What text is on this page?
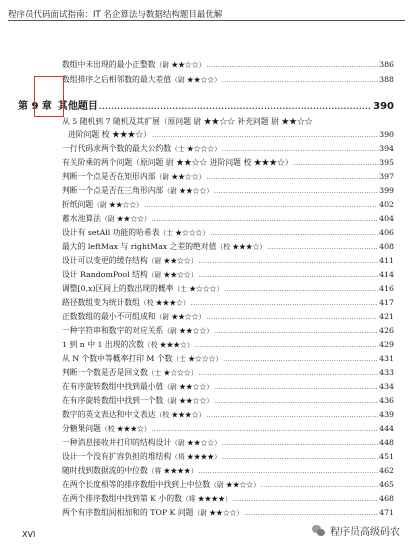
程序员代码面试指南：IT 名企算法与数据结构题目最优解
数组中未出现的最小正整数 （尉 ★★☆☆） .....	386
数组排序之后相邻数的最大差值 （尉 ★★☆☆） .....	388
第 9 章 其他题目 .....	390
从 5 随机到 7 随机及其扩展（原问题 尉 ★★☆☆ 补充问题 尉 ★★☆☆
进阶问题 校 ★★★☆） .....	390
一行代码求两个数的最大公约数 （士 ★☆☆☆） .....	394
有关阶乘的两个问题（原问题 尉 ★★☆☆ 进阶问题 校 ★★★☆） .....	395
判断一个点是否在矩形内部 （尉 ★★☆☆） .....	397
判断一个点是否在三角形内部 （尉 ★★☆☆） .....	399
折纸问题 （尉 ★★☆☆） .....	402
蓄水池算法 （尉 ★★☆☆） .....	404
设计有 setAll 功能的哈希表 （士 ★☆☆☆） .....	406
最大的 leftMax 与 rightMax 之差的绝对值 （校 ★★★☆） .....	408
设计可以变更的缓存结构 （尉 ★★☆☆） .....	411
设计 RandomPool 结构 （尉 ★★☆☆） .....	414
调整[0,x)区间上的数出现的概率 （士 ★☆☆☆） .....	416
路径数组变为统计数组 （校 ★★★☆） .....	417
正数数组的最小不可组成和 （尉 ★★☆☆） .....	421
一种字符串和数字的对应关系 （尉 ★★☆☆） .....	426
1 到 n 中 1 出现的次数 （校 ★★★☆） .....	429
从 N 个数中等概率打印 M 个数 （士 ★☆☆☆） .....	431
判断一个数是否是回文数 （士 ★☆☆☆） .....	433
在有序旋转数组中找到最小值 （尉 ★★☆☆） .....	434
在有序旋转数组中找到一个数 （尉 ★★☆☆） .....	436
数字的英文表达和中文表达 （校 ★★★☆） .....	439
分糖果问题 （校 ★★★☆） .....	444
一种消息接收并打印的结构设计 （尉 ★★☆☆） .....	448
设计一个没有扩容负担的堆结构 （将 ★★★★） .....	451
随时找到数据流的中位数 （将 ★★★★） .....	462
在两个长度相等的排序数组中找到上中位数 （尉 ★★☆☆） .....	465
在两个排序数组中找到第 K 小的数 （将 ★★★★） .....	468
两个有序数组间相加和的 TOP K 问题 （尉 ★★☆☆） .....	471
XVI	程序员高级码农
